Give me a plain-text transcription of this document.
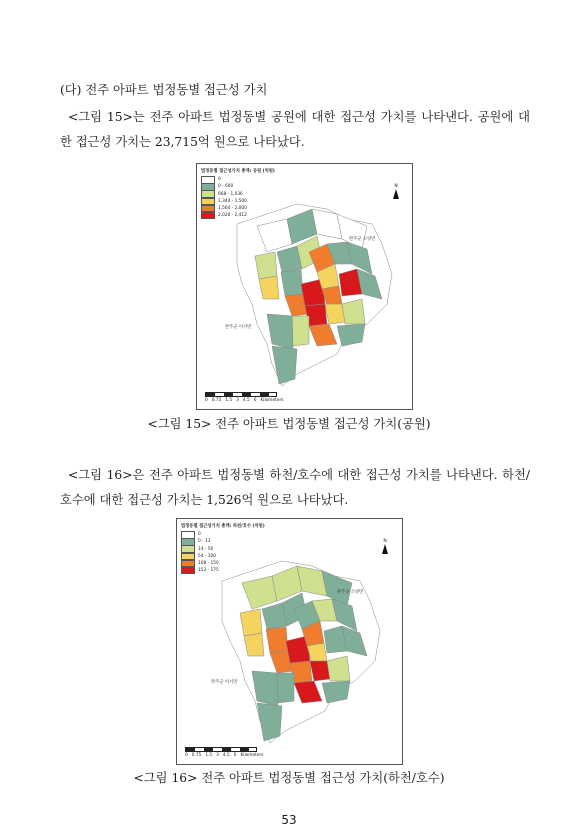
(다) 전주 아파트 법정동별 접근성 가치

<그림 15>는 전주 아파트 법정동별 공원에 대한 접근성 가치를 나타낸다. 공원에 대한 접근성 가치는 23,715억 원으로 나타났다.

법정동별 접근성가치 총액: 공원 (억원)
0
0 - 600
668 - 1,036
1,344 - 1,500
1,564 - 2,000
2,020 - 2,412
N
완주군 소양면
완주군 이서면
0 0.75 1.5 3 4.5 6 Kilometers
<그림 15> 전주 아파트 법정동별 접근성 가치(공원)

<그림 16>은 전주 아파트 법정동별 하천/호수에 대한 접근성 가치를 나타낸다. 하천/호수에 대한 접근성 가치는 1,526억 원으로 나타났다.

법정동별 접근성가치 총액: 하천/호수 (억원)
0
0 - 13
14 - 56
54 - 100
108 - 150
153 - 175
N
완주군 소양면
완주군 이서면
0 0.75 1.5 3 4.5 6 Kilometers
<그림 16> 전주 아파트 법정동별 접근성 가치(하천/호수)
53
